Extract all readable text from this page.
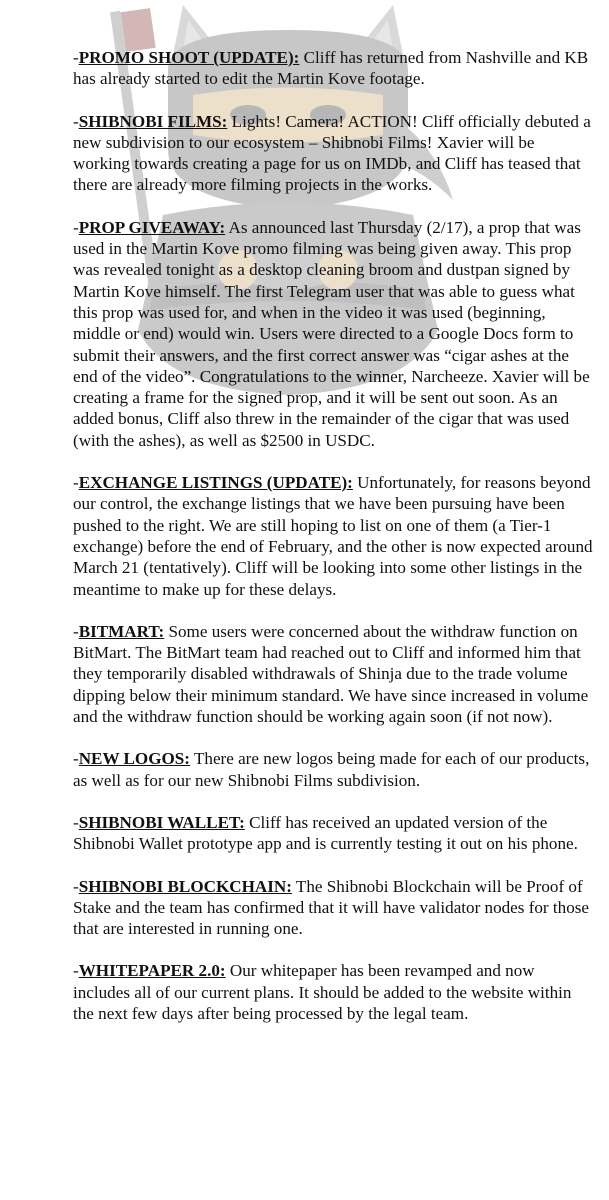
-PROMO SHOOT (UPDATE): Cliff has returned from Nashville and KB has already started to edit the Martin Kove footage.

-SHIBNOBI FILMS: Lights! Camera! ACTION! Cliff officially debuted a new subdivision to our ecosystem – Shibnobi Films! Xavier will be working towards creating a page for us on IMDb, and Cliff has teased that there are already more filming projects in the works.

-PROP GIVEAWAY: As announced last Thursday (2/17), a prop that was used in the Martin Kove promo filming was being given away. This prop was revealed tonight as a desktop cleaning broom and dustpan signed by Martin Kove himself. The first Telegram user that was able to guess what this prop was used for, and when in the video it was used (beginning, middle or end) would win. Users were directed to a Google Docs form to submit their answers, and the first correct answer was “cigar ashes at the end of the video”. Congratulations to the winner, Narcheeze. Xavier will be creating a frame for the signed prop, and it will be sent out soon. As an added bonus, Cliff also threw in the remainder of the cigar that was used (with the ashes), as well as $2500 in USDC.

-EXCHANGE LISTINGS (UPDATE): Unfortunately, for reasons beyond our control, the exchange listings that we have been pursuing have been pushed to the right. We are still hoping to list on one of them (a Tier-1 exchange) before the end of February, and the other is now expected around March 21 (tentatively). Cliff will be looking into some other listings in the meantime to make up for these delays.

-BITMART: Some users were concerned about the withdraw function on BitMart. The BitMart team had reached out to Cliff and informed him that they temporarily disabled withdrawals of Shinja due to the trade volume dipping below their minimum standard. We have since increased in volume and the withdraw function should be working again soon (if not now).

-NEW LOGOS: There are new logos being made for each of our products, as well as for our new Shibnobi Films subdivision.

-SHIBNOBI WALLET: Cliff has received an updated version of the Shibnobi Wallet prototype app and is currently testing it out on his phone.

-SHIBNOBI BLOCKCHAIN: The Shibnobi Blockchain will be Proof of Stake and the team has confirmed that it will have validator nodes for those that are interested in running one.

-WHITEPAPER 2.0: Our whitepaper has been revamped and now includes all of our current plans. It should be added to the website within the next few days after being processed by the legal team.
